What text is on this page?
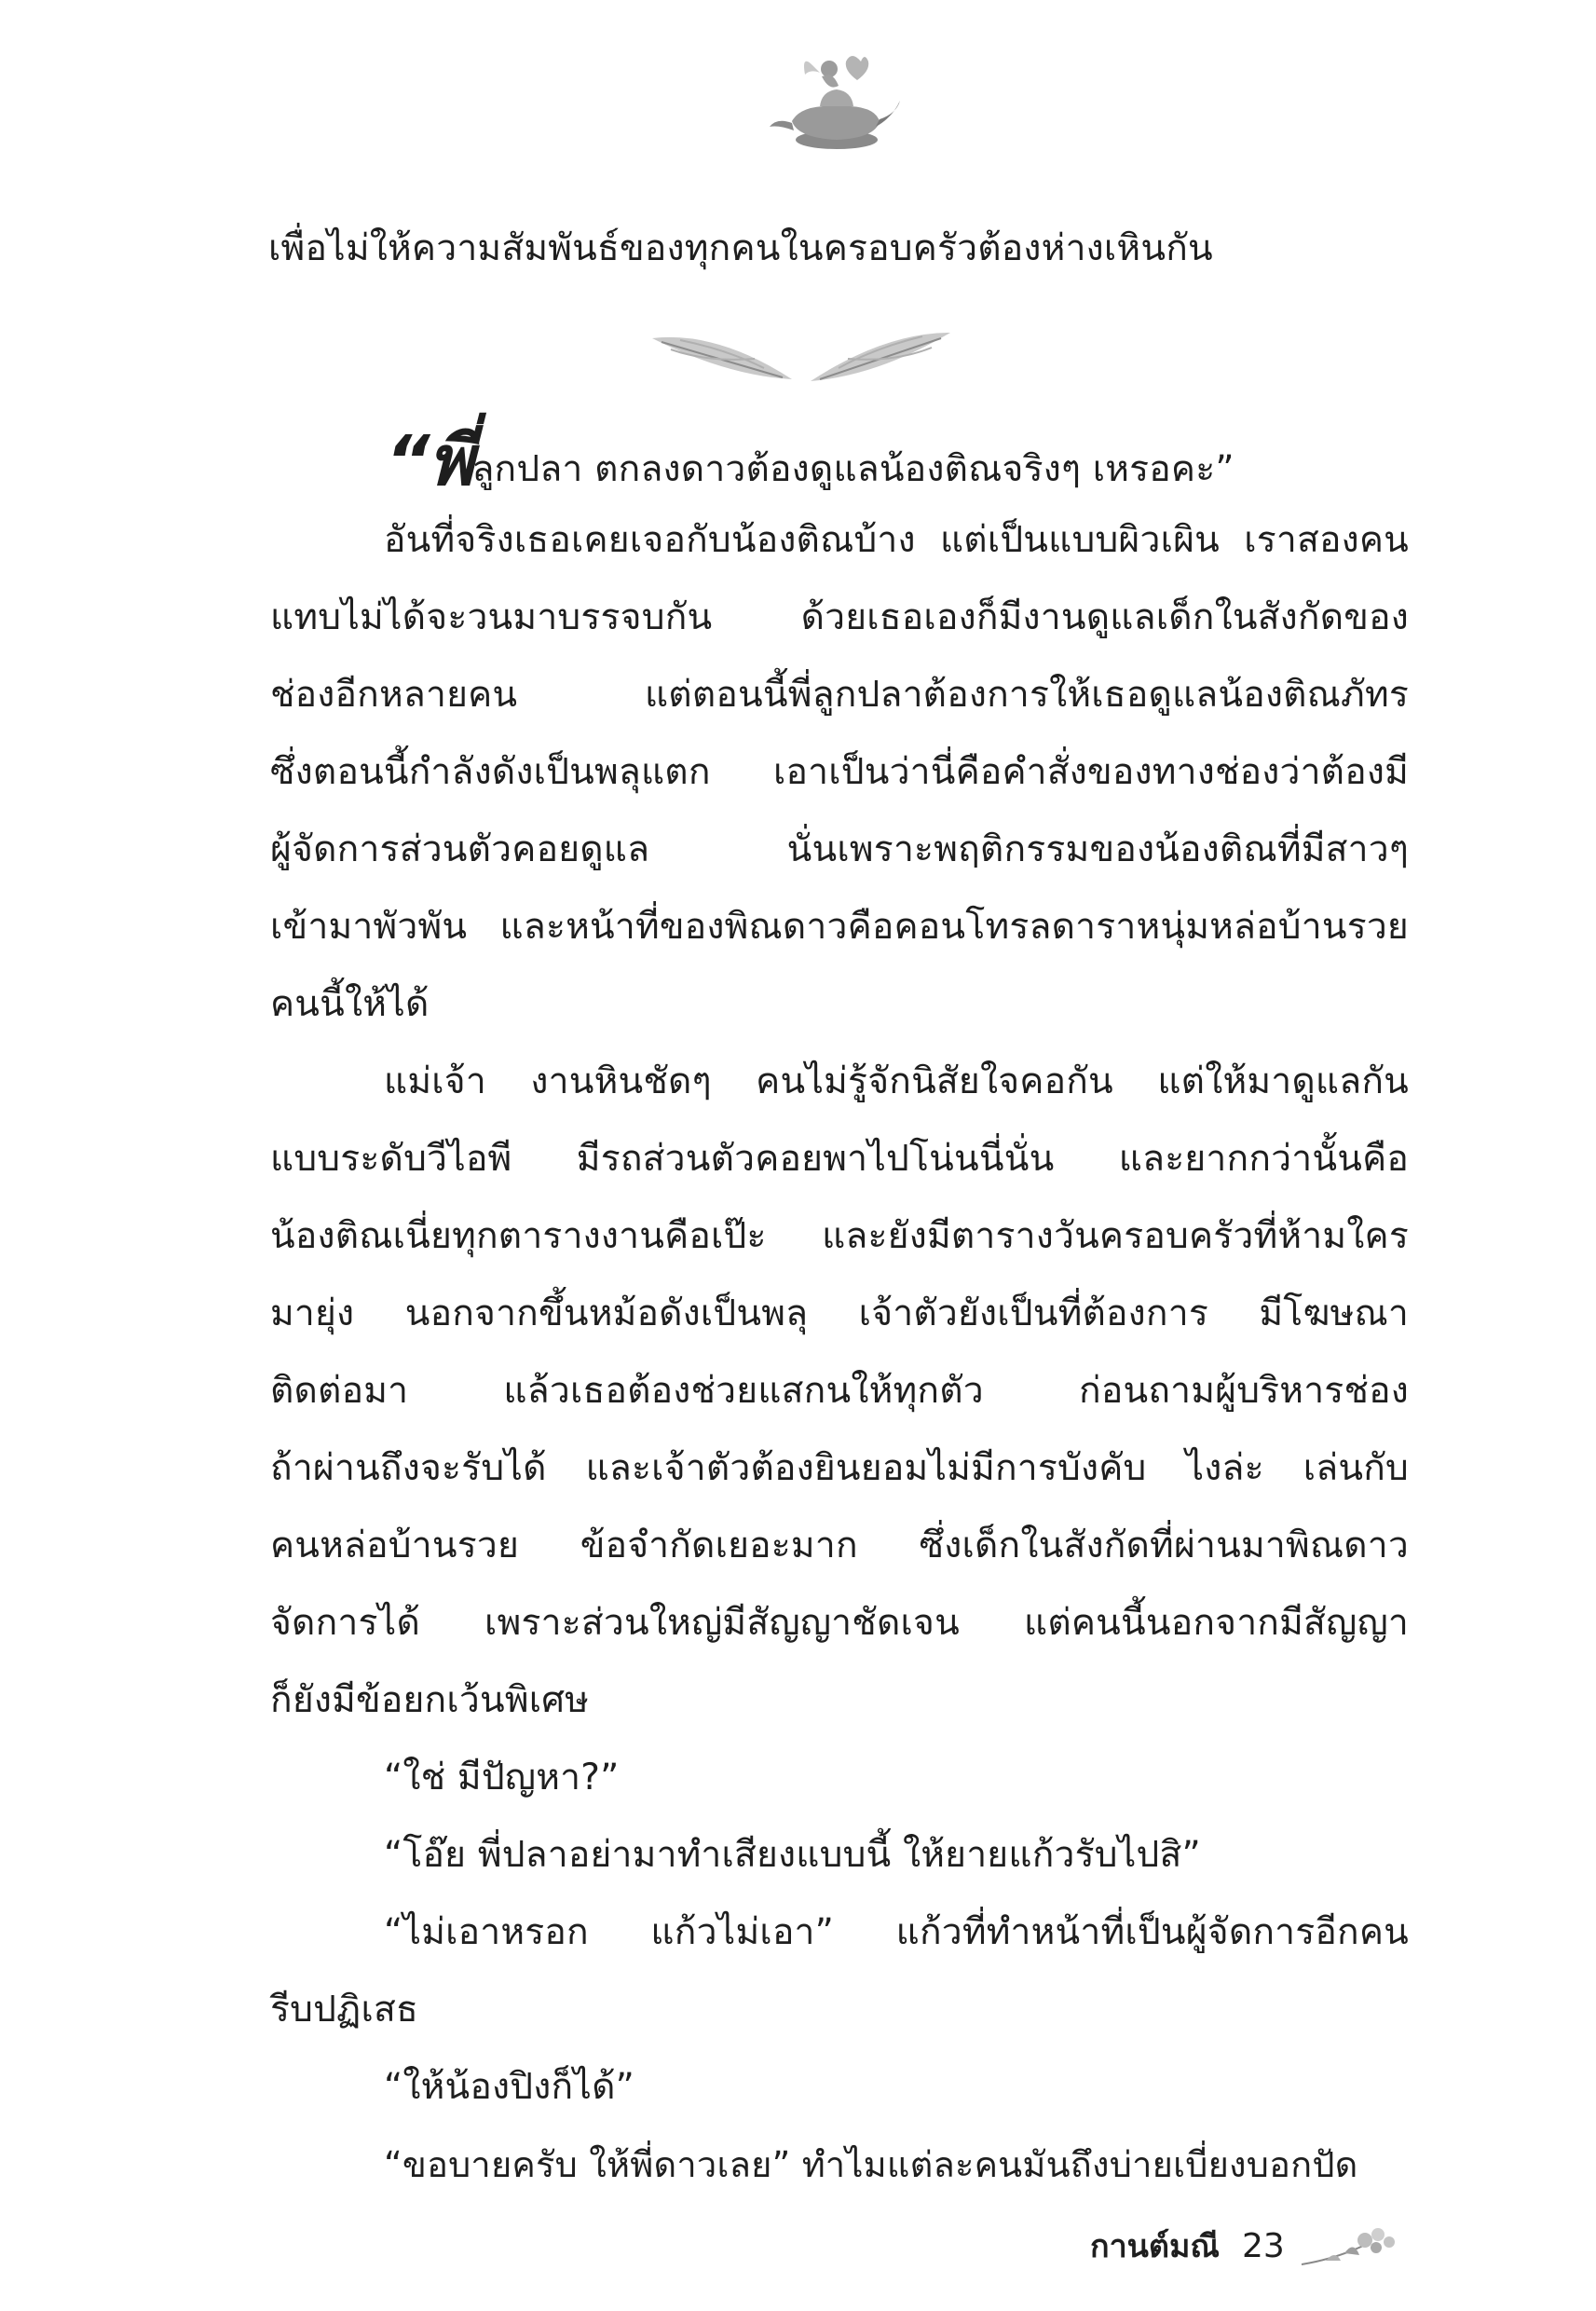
เพื่อไม่ให้ความสัมพันธ์ของทุกคนในครอบครัวต้องห่างเหินกัน

“พี่ลูกปลา ตกลงดาวต้องดูแลน้องติณจริงๆ เหรอคะ”

อันที่จริงเธอเคยเจอกับน้องติณบ้าง แต่เป็นแบบผิวเผิน เราสองคน

แทบไม่ได้จะวนมาบรรจบกัน ด้วยเธอเองก็มีงานดูแลเด็กในสังกัดของ

ช่องอีกหลายคน แต่ตอนนี้พี่ลูกปลาต้องการให้เธอดูแลน้องติณภัทร

ซึ่งตอนนี้กำลังดังเป็นพลุแตก เอาเป็นว่านี่คือคำสั่งของทางช่องว่าต้องมี

ผู้จัดการส่วนตัวคอยดูแล นั่นเพราะพฤติกรรมของน้องติณที่มีสาวๆ

เข้ามาพัวพัน และหน้าที่ของพิณดาวคือคอนโทรลดาราหนุ่มหล่อบ้านรวย

คนนี้ให้ได้

แม่เจ้า งานหินชัดๆ คนไม่รู้จักนิสัยใจคอกัน แต่ให้มาดูแลกัน

แบบระดับวีไอพี มีรถส่วนตัวคอยพาไปโน่นนี่นั่น และยากกว่านั้นคือ

น้องติณเนี่ยทุกตารางงานคือเป๊ะ และยังมีตารางวันครอบครัวที่ห้ามใคร

มายุ่ง นอกจากขึ้นหม้อดังเป็นพลุ เจ้าตัวยังเป็นที่ต้องการ มีโฆษณา

ติดต่อมา แล้วเธอต้องช่วยแสกนให้ทุกตัว ก่อนถามผู้บริหารช่อง

ถ้าผ่านถึงจะรับได้ และเจ้าตัวต้องยินยอมไม่มีการบังคับ ไงล่ะ เล่นกับ

คนหล่อบ้านรวย ข้อจำกัดเยอะมาก ซึ่งเด็กในสังกัดที่ผ่านมาพิณดาว

จัดการได้ เพราะส่วนใหญ่มีสัญญาชัดเจน แต่คนนี้นอกจากมีสัญญา

ก็ยังมีข้อยกเว้นพิเศษ

“ใช่ มีปัญหา?”

“โอ๊ย พี่ปลาอย่ามาทำเสียงแบบนี้ ให้ยายแก้วรับไปสิ”

“ไม่เอาหรอก แก้วไม่เอา” แก้วที่ทำหน้าที่เป็นผู้จัดการอีกคน

รีบปฏิเสธ

“ให้น้องปิงก็ได้”

“ขอบายครับ ให้พี่ดาวเลย” ทำไมแต่ละคนมันถึงบ่ายเบี่ยงบอกปัด

กานต์มณี 23
